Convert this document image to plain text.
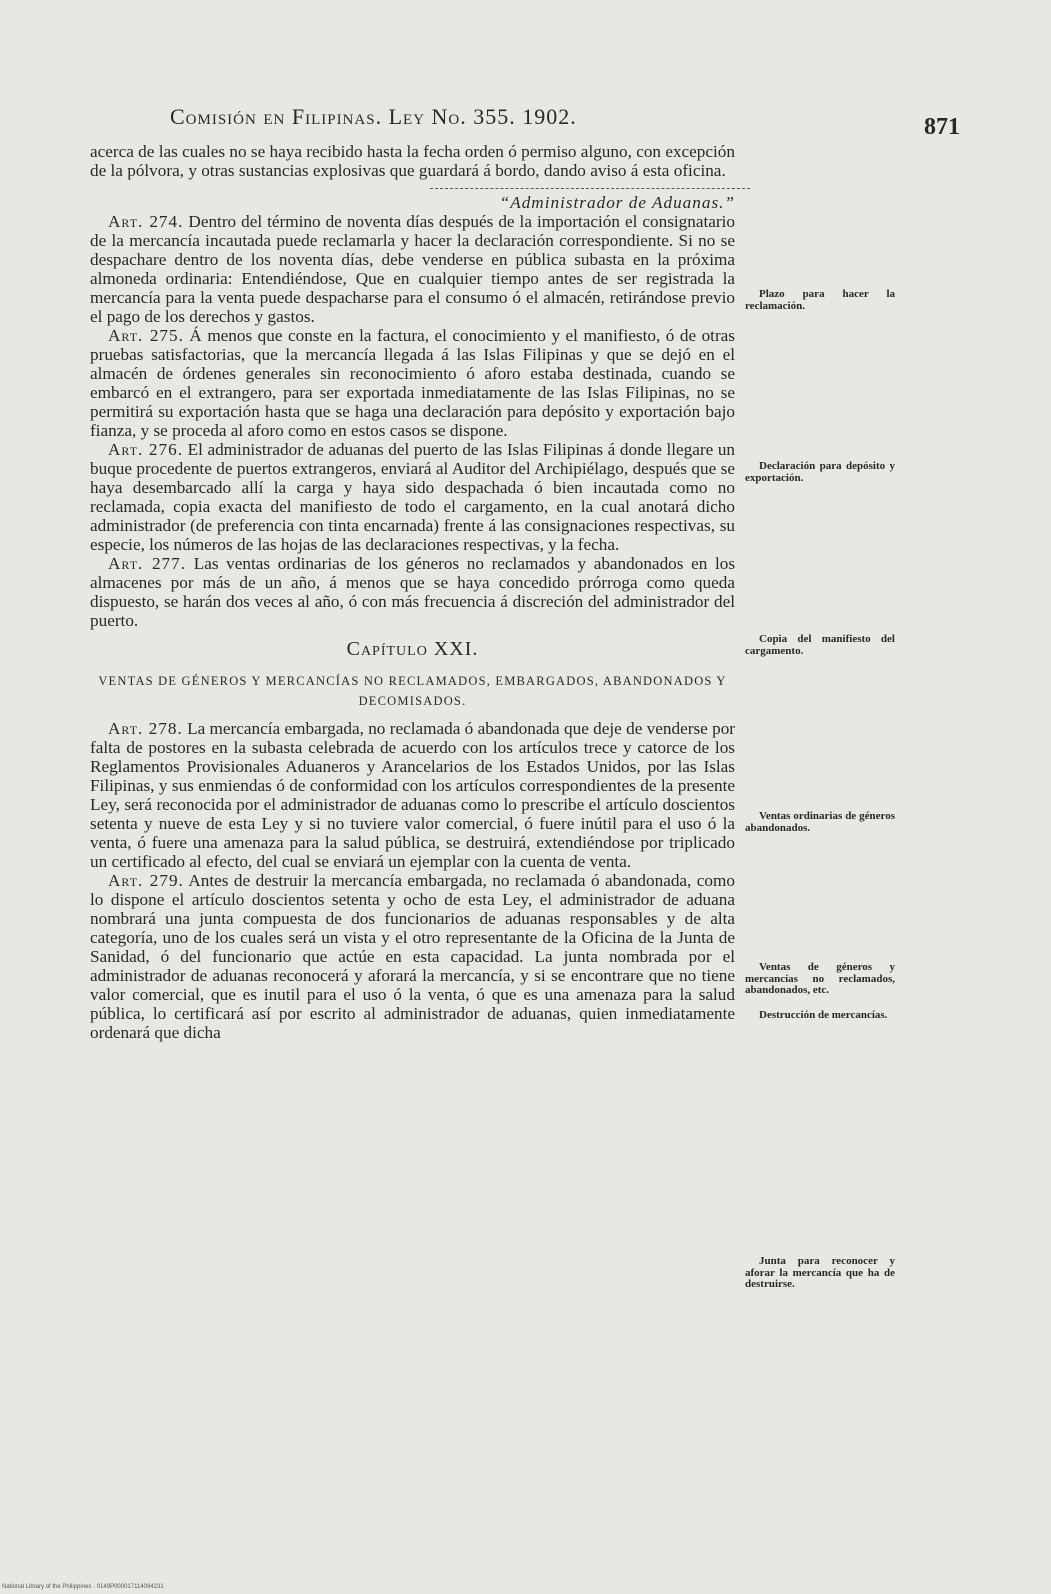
Comisión en Filipinas. Ley No. 355. 1902.	871

acerca de las cuales no se haya recibido hasta la fecha orden ó permiso alguno, con excepción de la pólvora, y otras sustancias explosivas que guardará á bordo, dando aviso á esta oficina.

“Administrador de Aduanas.”

Art. 274. Dentro del término de noventa días después de la importación el consignatario de la mercancía incautada puede reclamarla y hacer la declaración correspondiente. Si no se despachare dentro de los noventa días, debe venderse en pública subasta en la próxima almoneda ordinaria: Entendiéndose, Que en cualquier tiempo antes de ser registrada la mercancía para la venta puede despacharse para el consumo ó el almacén, retirándose previo el pago de los derechos y gastos.

Art. 275. Á menos que conste en la factura, el conocimiento y el manifiesto, ó de otras pruebas satisfactorias, que la mercancía llegada á las Islas Filipinas y que se dejó en el almacén de órdenes generales sin reconocimiento ó aforo estaba destinada, cuando se embarcó en el extrangero, para ser exportada inmediatamente de las Islas Filipinas, no se permitirá su exportación hasta que se haga una declaración para depósito y exportación bajo fianza, y se proceda al aforo como en estos casos se dispone.

Art. 276. El administrador de aduanas del puerto de las Islas Filipinas á donde llegare un buque procedente de puertos extrangeros, enviará al Auditor del Archipiélago, después que se haya desembarcado allí la carga y haya sido despachada ó bien incautada como no reclamada, copia exacta del manifiesto de todo el cargamento, en la cual anotará dicho administrador (de preferencia con tinta encarnada) frente á las consignaciones respectivas, su especie, los números de las hojas de las declaraciones respectivas, y la fecha.

Art. 277. Las ventas ordinarias de los géneros no reclamados y abandonados en los almacenes por más de un año, á menos que se haya concedido prórroga como queda dispuesto, se harán dos veces al año, ó con más frecuencia á discreción del administrador del puerto.

Capítulo XXI.
VENTAS DE GÉNEROS Y MERCANCÍAS NO RECLAMADOS, EMBARGADOS, ABANDONADOS Y DECOMISADOS.

Art. 278. La mercancía embargada, no reclamada ó abandonada que deje de venderse por falta de postores en la subasta celebrada de acuerdo con los artículos trece y catorce de los Reglamentos Provisionales Aduaneros y Arancelarios de los Estados Unidos, por las Islas Filipinas, y sus enmiendas ó de conformidad con los artículos correspondientes de la presente Ley, será reconocida por el administrador de aduanas como lo prescribe el artículo doscientos setenta y nueve de esta Ley y si no tuviere valor comercial, ó fuere inútil para el uso ó la venta, ó fuere una amenaza para la salud pública, se destruirá, extendiéndose por triplicado un certificado al efecto, del cual se enviará un ejemplar con la cuenta de venta.

Art. 279. Antes de destruir la mercancía embargada, no reclamada ó abandonada, como lo dispone el artículo doscientos setenta y ocho de esta Ley, el administrador de aduana nombrará una junta compuesta de dos funcionarios de aduanas responsables y de alta categoría, uno de los cuales será un vista y el otro representante de la Oficina de la Junta de Sanidad, ó del funcionario que actúe en esta capacidad. La junta nombrada por el administrador de aduanas reconocerá y aforará la mercancía, y si se encontrare que no tiene valor comercial, que es inutil para el uso ó la venta, ó que es una amenaza para la salud pública, lo certificará así por escrito al administrador de aduanas, quien inmediatamente ordenará que dicha

Plazo para hacer la reclamación.
Declaración para depósito y exportación.
Copia del manifiesto del cargamento.
Ventas ordinarias de géneros abandonados.
Ventas de géneros y mercancías no reclamados, abandonados, etc.
Destrucción de mercancías.
Junta para reconocer y aforar la mercancía que ha de destruirse.
National Library of the Philippines · 0149P000017114094231
